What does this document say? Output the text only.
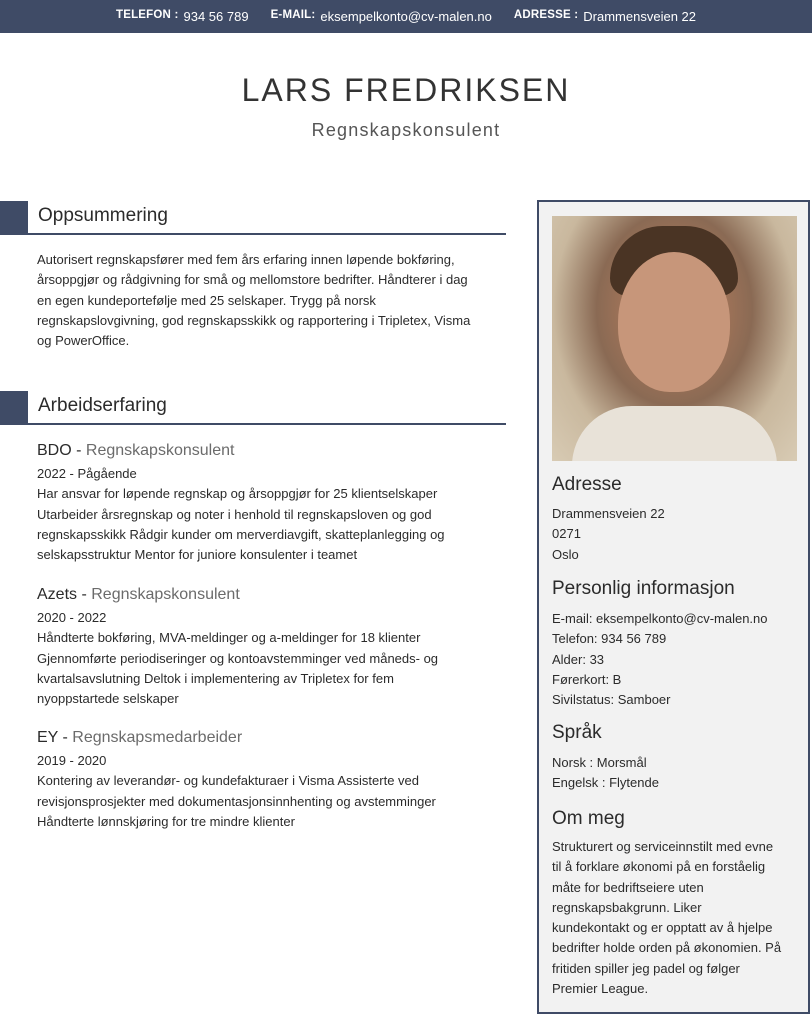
TELEFON : 934 56 789 E-MAIL: eksempelkonto@cv-malen.no ADRESSE : Drammensveien 22
LARS FREDRIKSEN
Regnskapskonsulent
Oppsummering
Autorisert regnskapsfører med fem års erfaring innen løpende bokføring,
årsoppgjør og rådgivning for små og mellomstore bedrifter. Håndterer i dag
en egen kundeportefølje med 25 selskaper. Trygg på norsk
regnskapslovgivning, god regnskapsskikk og rapportering i Tripletex, Visma
og PowerOffice.
Arbeidserfaring
BDO - Regnskapskonsulent
2022 - Pågående
Har ansvar for løpende regnskap og årsoppgjør for 25 klientselskaper
Utarbeider årsregnskap og noter i henhold til regnskapsloven og god
regnskapsskikk Rådgir kunder om merverdiavgift, skatteplanlegging og
selskapsstruktur Mentor for juniore konsulenter i teamet
Azets - Regnskapskonsulent
2020 - 2022
Håndterte bokføring, MVA-meldinger og a-meldinger for 18 klienter
Gjennomførte periodiseringer og kontoavstemminger ved måneds- og
kvartalsavslutning Deltok i implementering av Tripletex for fem
nyoppstartede selskaper
EY - Regnskapsmedarbeider
2019 - 2020
Kontering av leverandør- og kundefakturaer i Visma Assisterte ved
revisjonsprosjekter med dokumentasjonsinnhenting og avstemminger
Håndterte lønnskjøring for tre mindre klienter
Adresse
Drammensveien 22
0271
Oslo
Personlig informasjon
E-mail: eksempelkonto@cv-malen.no
Telefon: 934 56 789
Alder: 33
Førerkort: B
Sivilstatus: Samboer
Språk
Norsk : Morsmål
Engelsk : Flytende
Om meg
Strukturert og serviceinnstilt med evne
til å forklare økonomi på en forståelig
måte for bedriftseiere uten
regnskapsbakgrunn. Liker
kundekontakt og er opptatt av å hjelpe
bedrifter holde orden på økonomien. På
fritiden spiller jeg padel og følger
Premier League.
